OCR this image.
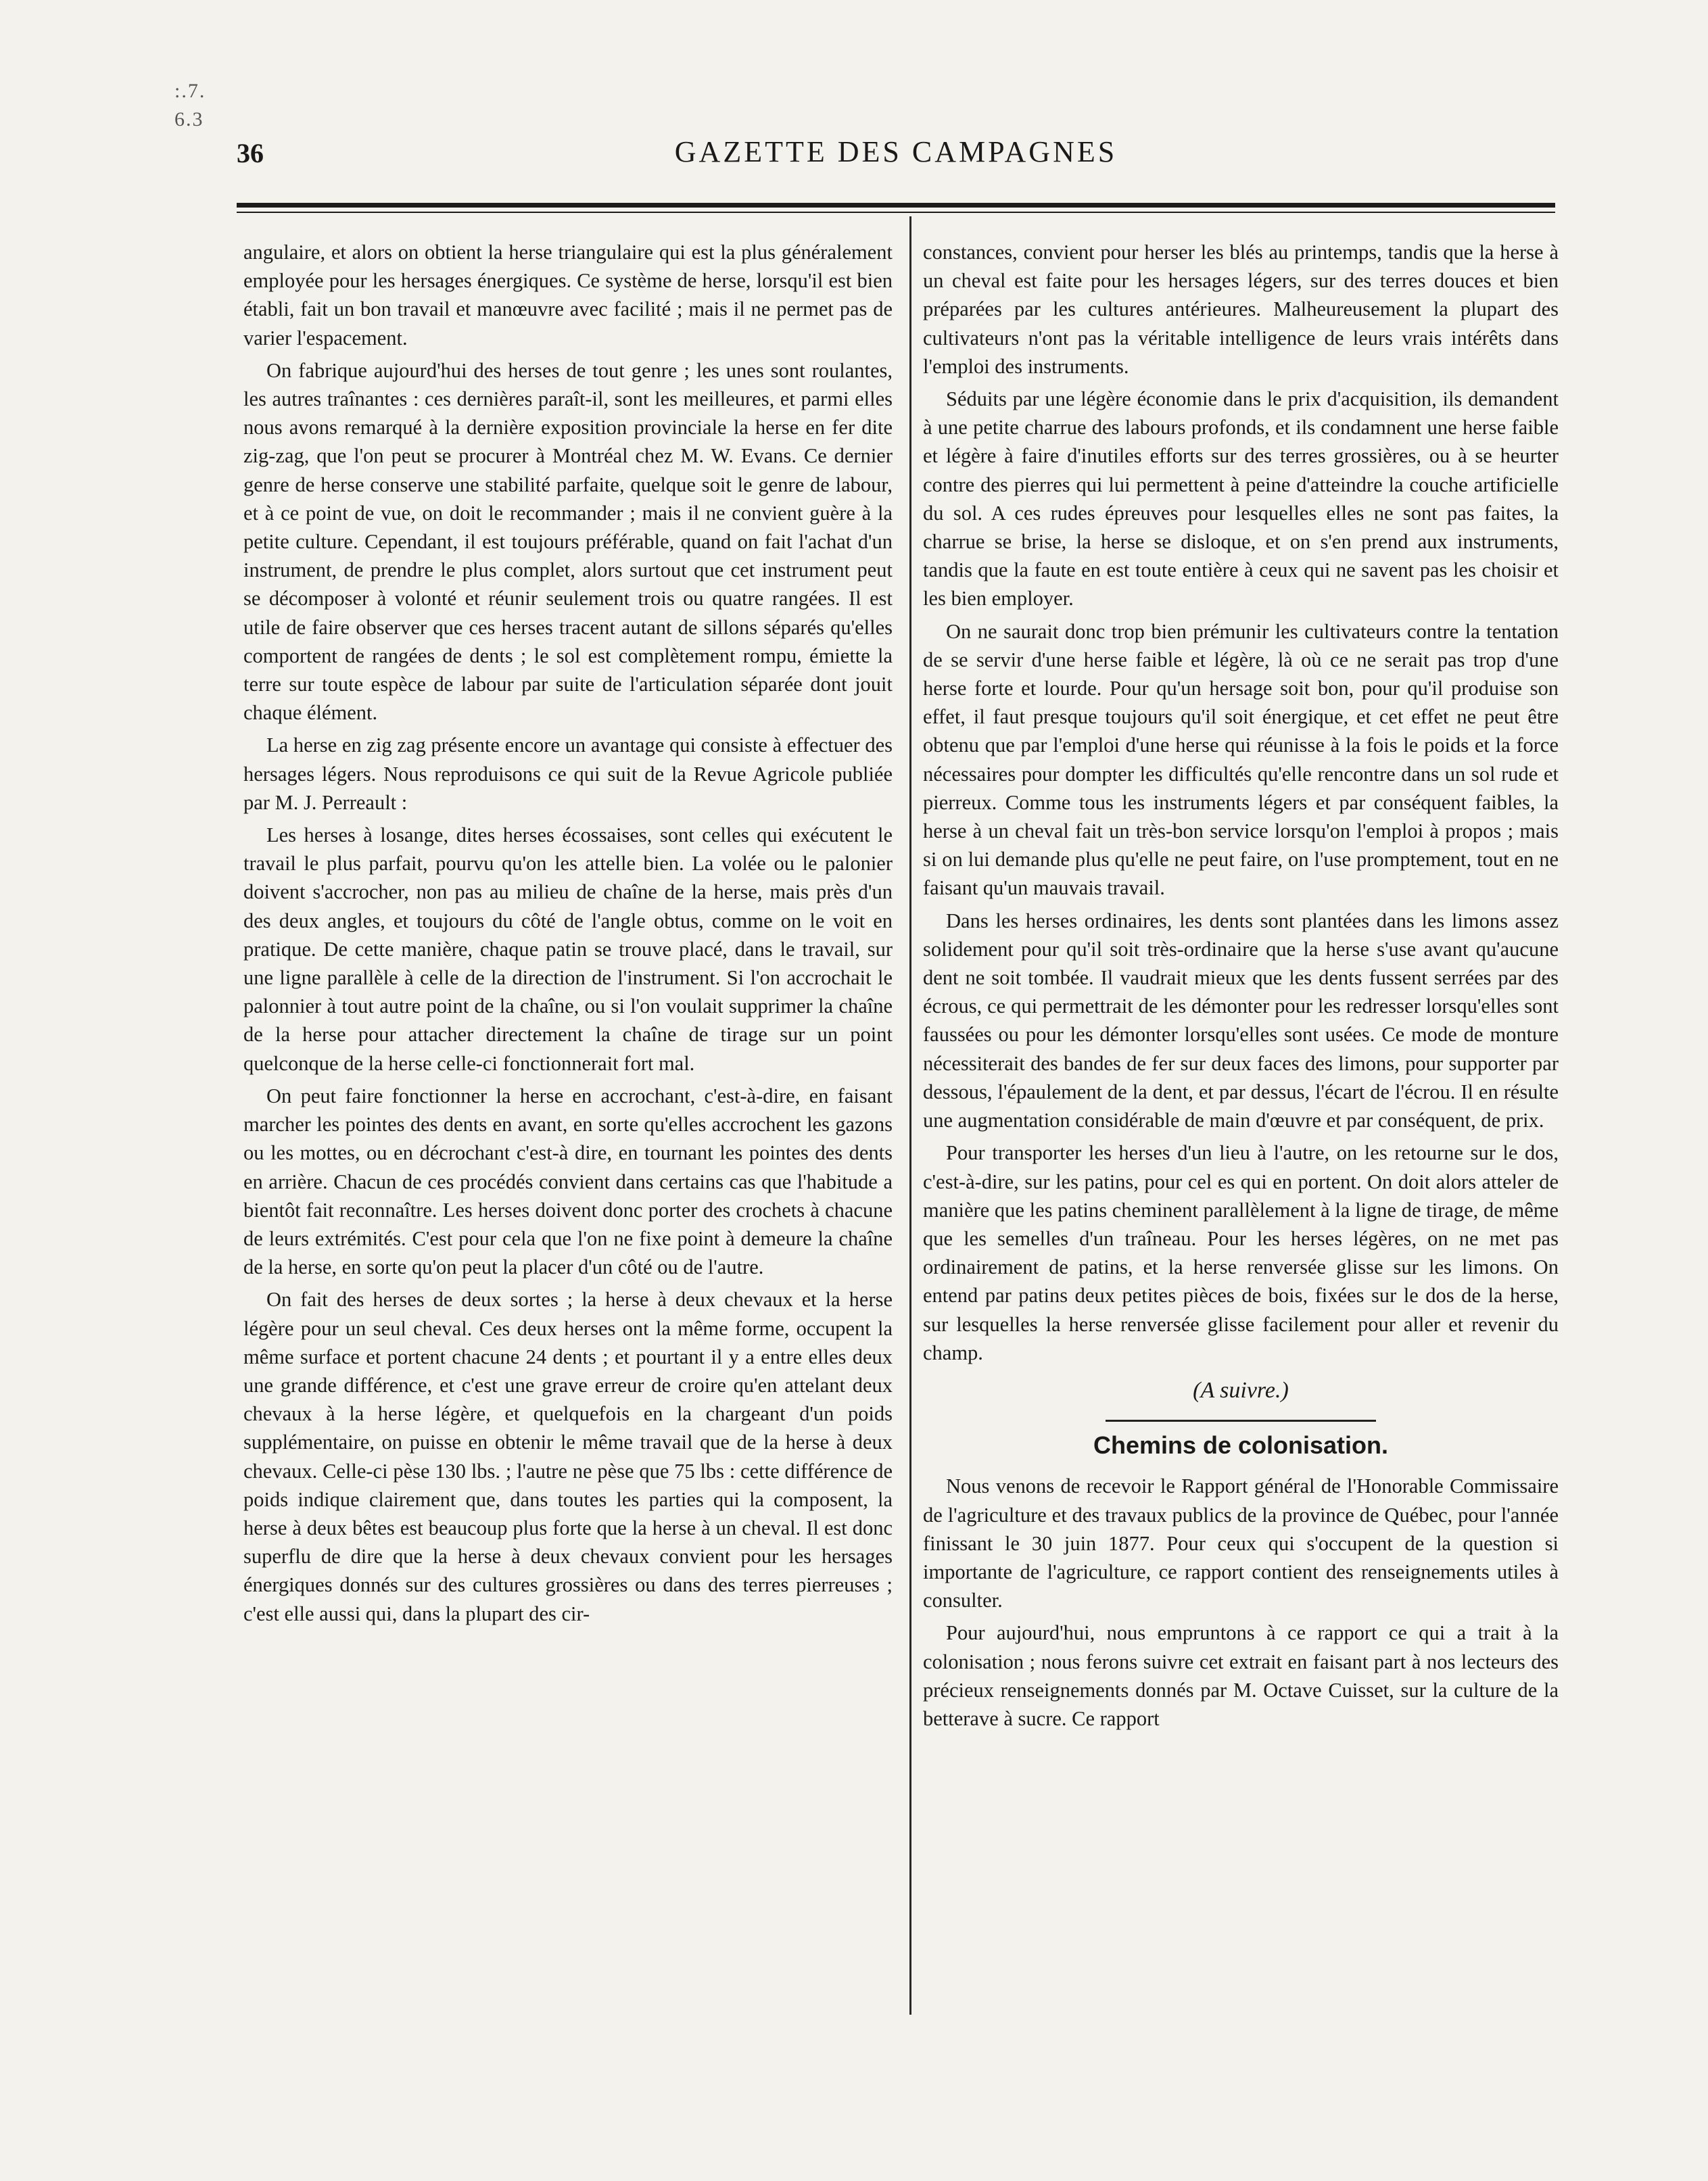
:.7.
6.3
36	GAZETTE DES CAMPAGNES

angulaire, et alors on obtient la herse triangulaire qui est la plus généralement employée pour les hersages énergiques. Ce système de herse, lorsqu'il est bien établi, fait un bon travail et manœuvre avec facilité ; mais il ne permet pas de varier l'espacement.

On fabrique aujourd'hui des herses de tout genre ; les unes sont roulantes, les autres traînantes : ces dernières paraît-il, sont les meilleures, et parmi elles nous avons remarqué à la dernière exposition provinciale la herse en fer dite zig-zag, que l'on peut se procurer à Montréal chez M. W. Evans. Ce dernier genre de herse conserve une stabilité parfaite, quelque soit le genre de labour, et à ce point de vue, on doit le recommander ; mais il ne convient guère à la petite culture. Cependant, il est toujours préférable, quand on fait l'achat d'un instrument, de prendre le plus complet, alors surtout que cet instrument peut se décomposer à volonté et réunir seulement trois ou quatre rangées. Il est utile de faire observer que ces herses tracent autant de sillons séparés qu'elles comportent de rangées de dents ; le sol est complètement rompu, émiette la terre sur toute espèce de labour par suite de l'articulation séparée dont jouit chaque élément.

La herse en zig zag présente encore un avantage qui consiste à effectuer des hersages légers. Nous reproduisons ce qui suit de la Revue Agricole publiée par M. J. Perreault :

Les herses à losange, dites herses écossaises, sont celles qui exécutent le travail le plus parfait, pourvu qu'on les attelle bien. La volée ou le palonier doivent s'accrocher, non pas au milieu de chaîne de la herse, mais près d'un des deux angles, et toujours du côté de l'angle obtus, comme on le voit en pratique. De cette manière, chaque patin se trouve placé, dans le travail, sur une ligne parallèle à celle de la direction de l'instrument. Si l'on accrochait le palonnier à tout autre point de la chaîne, ou si l'on voulait supprimer la chaîne de la herse pour attacher directement la chaîne de tirage sur un point quelconque de la herse celle-ci fonctionnerait fort mal.

On peut faire fonctionner la herse en accrochant, c'est-à-dire, en faisant marcher les pointes des dents en avant, en sorte qu'elles accrochent les gazons ou les mottes, ou en décrochant c'est-à dire, en tournant les pointes des dents en arrière. Chacun de ces procédés convient dans certains cas que l'habitude a bientôt fait reconnaître. Les herses doivent donc porter des crochets à chacune de leurs extrémités. C'est pour cela que l'on ne fixe point à demeure la chaîne de la herse, en sorte qu'on peut la placer d'un côté ou de l'autre.

On fait des herses de deux sortes ; la herse à deux chevaux et la herse légère pour un seul cheval. Ces deux herses ont la même forme, occupent la même surface et portent chacune 24 dents ; et pourtant il y a entre elles deux une grande différence, et c'est une grave erreur de croire qu'en attelant deux chevaux à la herse légère, et quelquefois en la chargeant d'un poids supplémentaire, on puisse en obtenir le même travail que de la herse à deux chevaux. Celle-ci pèse 130 lbs. ; l'autre ne pèse que 75 lbs : cette différence de poids indique clairement que, dans toutes les parties qui la composent, la herse à deux bêtes est beaucoup plus forte que la herse à un cheval. Il est donc superflu de dire que la herse à deux chevaux convient pour les hersages énergiques donnés sur des cultures grossières ou dans des terres pierreuses ; c'est elle aussi qui, dans la plupart des cir-

constances, convient pour herser les blés au printemps, tandis que la herse à un cheval est faite pour les hersages légers, sur des terres douces et bien préparées par les cultures antérieures. Malheureusement la plupart des cultivateurs n'ont pas la véritable intelligence de leurs vrais intérêts dans l'emploi des instruments.

Séduits par une légère économie dans le prix d'acquisition, ils demandent à une petite charrue des labours profonds, et ils condamnent une herse faible et légère à faire d'inutiles efforts sur des terres grossières, ou à se heurter contre des pierres qui lui permettent à peine d'atteindre la couche artificielle du sol. A ces rudes épreuves pour lesquelles elles ne sont pas faites, la charrue se brise, la herse se disloque, et on s'en prend aux instruments, tandis que la faute en est toute entière à ceux qui ne savent pas les choisir et les bien employer.

On ne saurait donc trop bien prémunir les cultivateurs contre la tentation de se servir d'une herse faible et légère, là où ce ne serait pas trop d'une herse forte et lourde. Pour qu'un hersage soit bon, pour qu'il produise son effet, il faut presque toujours qu'il soit énergique, et cet effet ne peut être obtenu que par l'emploi d'une herse qui réunisse à la fois le poids et la force nécessaires pour dompter les difficultés qu'elle rencontre dans un sol rude et pierreux. Comme tous les instruments légers et par conséquent faibles, la herse à un cheval fait un très-bon service lorsqu'on l'emploi à propos ; mais si on lui demande plus qu'elle ne peut faire, on l'use promptement, tout en ne faisant qu'un mauvais travail.

Dans les herses ordinaires, les dents sont plantées dans les limons assez solidement pour qu'il soit très-ordinaire que la herse s'use avant qu'aucune dent ne soit tombée. Il vaudrait mieux que les dents fussent serrées par des écrous, ce qui permettrait de les démonter pour les redresser lorsqu'elles sont faussées ou pour les démonter lorsqu'elles sont usées. Ce mode de monture nécessiterait des bandes de fer sur deux faces des limons, pour supporter par dessous, l'épaulement de la dent, et par dessus, l'écart de l'écrou. Il en résulte une augmentation considérable de main d'œuvre et par conséquent, de prix.

Pour transporter les herses d'un lieu à l'autre, on les retourne sur le dos, c'est-à-dire, sur les patins, pour cel es qui en portent. On doit alors atteler de manière que les patins cheminent parallèlement à la ligne de tirage, de même que les semelles d'un traîneau. Pour les herses légères, on ne met pas ordinairement de patins, et la herse renversée glisse sur les limons. On entend par patins deux petites pièces de bois, fixées sur le dos de la herse, sur lesquelles la herse renversée glisse facilement pour aller et revenir du champ.

(A suivre.)
Chemins de colonisation.

Nous venons de recevoir le Rapport général de l'Honorable Commissaire de l'agriculture et des travaux publics de la province de Québec, pour l'année finissant le 30 juin 1877. Pour ceux qui s'occupent de la question si importante de l'agriculture, ce rapport contient des renseignements utiles à consulter.

Pour aujourd'hui, nous empruntons à ce rapport ce qui a trait à la colonisation ; nous ferons suivre cet extrait en faisant part à nos lecteurs des précieux renseignements donnés par M. Octave Cuisset, sur la culture de la betterave à sucre. Ce rapport
